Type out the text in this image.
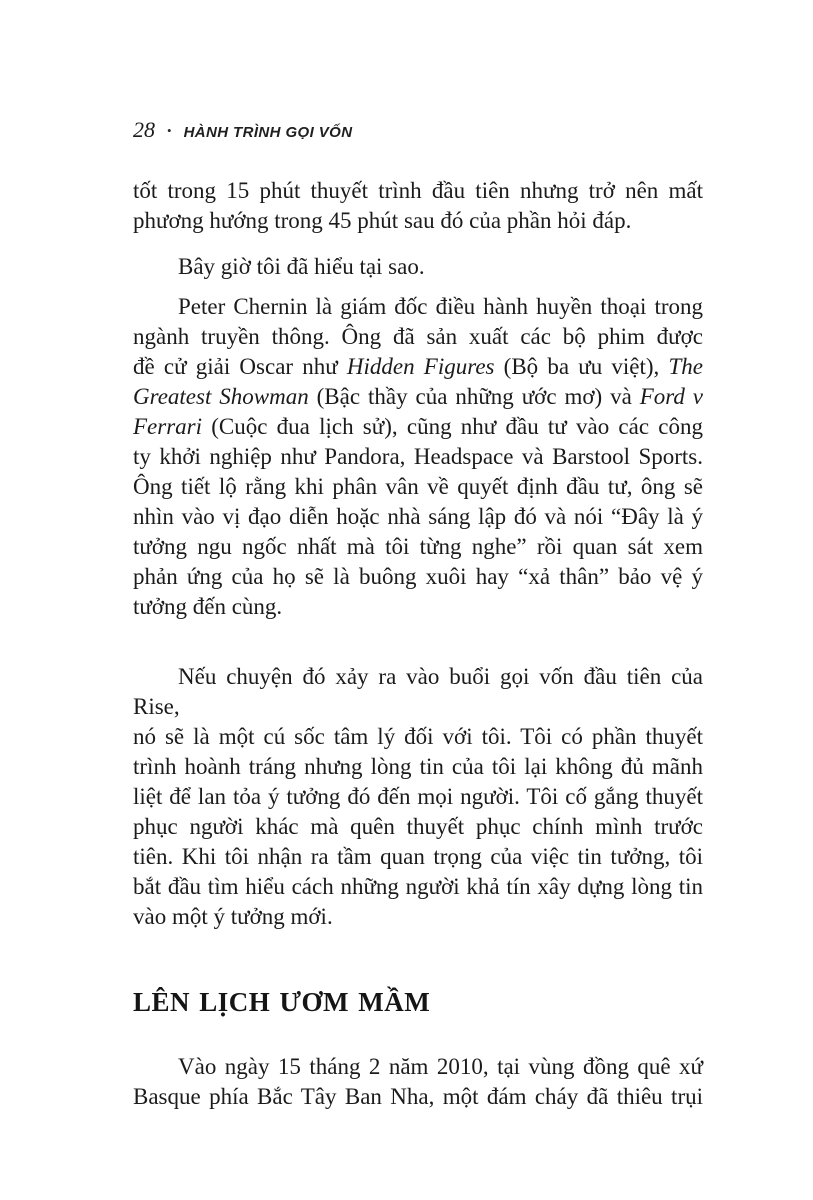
28 • HÀNH TRÌNH GỌI VỐN
tốt trong 15 phút thuyết trình đầu tiên nhưng trở nên mất
phương hướng trong 45 phút sau đó của phần hỏi đáp.
Bây giờ tôi đã hiểu tại sao.
Peter Chernin là giám đốc điều hành huyền thoại trong
ngành truyền thông. Ông đã sản xuất các bộ phim được
đề cử giải Oscar như Hidden Figures (Bộ ba ưu việt), The
Greatest Showman (Bậc thầy của những ước mơ) và Ford v
Ferrari (Cuộc đua lịch sử), cũng như đầu tư vào các công
ty khởi nghiệp như Pandora, Headspace và Barstool Sports.
Ông tiết lộ rằng khi phân vân về quyết định đầu tư, ông sẽ
nhìn vào vị đạo diễn hoặc nhà sáng lập đó và nói “Đây là ý
tưởng ngu ngốc nhất mà tôi từng nghe” rồi quan sát xem
phản ứng của họ sẽ là buông xuôi hay “xả thân” bảo vệ ý
tưởng đến cùng.
Nếu chuyện đó xảy ra vào buổi gọi vốn đầu tiên của Rise,
nó sẽ là một cú sốc tâm lý đối với tôi. Tôi có phần thuyết
trình hoành tráng nhưng lòng tin của tôi lại không đủ mãnh
liệt để lan tỏa ý tưởng đó đến mọi người. Tôi cố gắng thuyết
phục người khác mà quên thuyết phục chính mình trước
tiên. Khi tôi nhận ra tầm quan trọng của việc tin tưởng, tôi
bắt đầu tìm hiểu cách những người khả tín xây dựng lòng tin
vào một ý tưởng mới.
LÊN LỊCH ƯƠM MẦM
Vào ngày 15 tháng 2 năm 2010, tại vùng đồng quê xứ
Basque phía Bắc Tây Ban Nha, một đám cháy đã thiêu trụi
